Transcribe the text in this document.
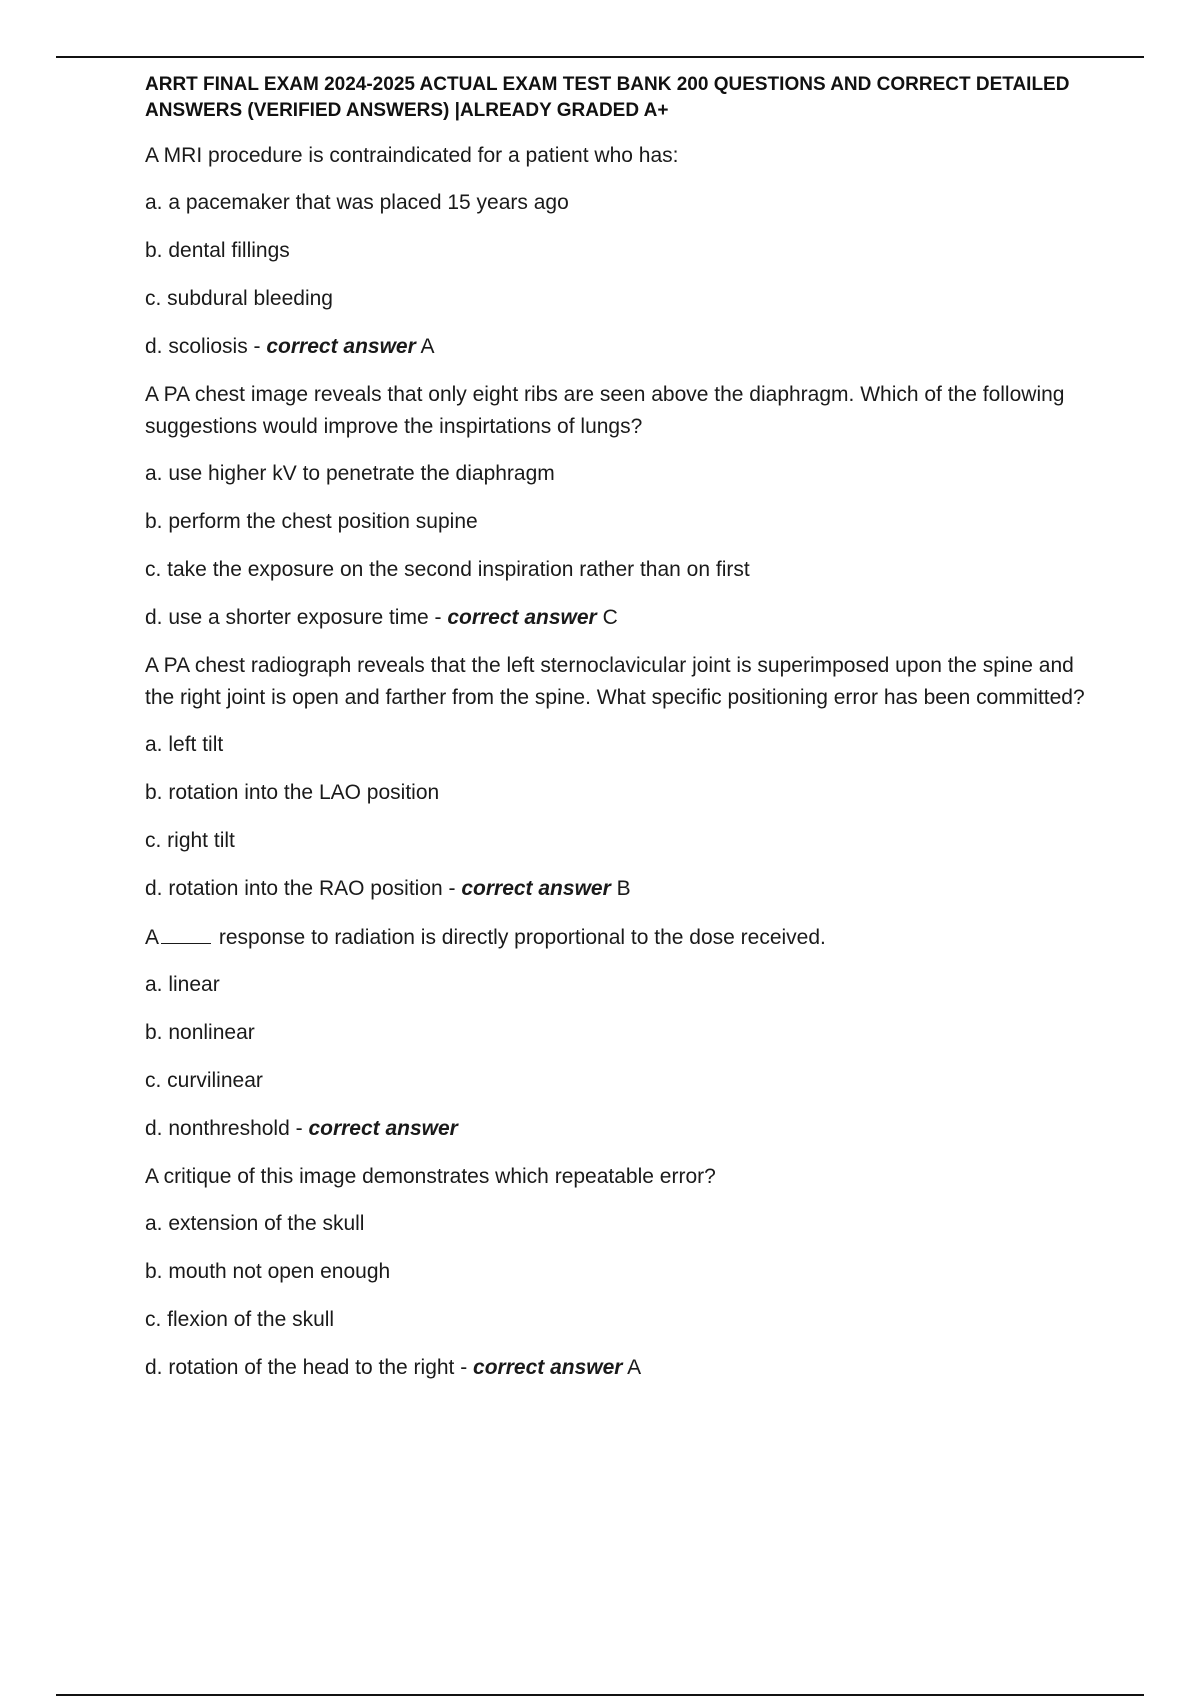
ARRT FINAL EXAM 2024-2025 ACTUAL EXAM TEST BANK 200 QUESTIONS AND CORRECT DETAILED ANSWERS (VERIFIED ANSWERS) |ALREADY GRADED A+

A MRI procedure is contraindicated for a patient who has:

a. a pacemaker that was placed 15 years ago

b. dental fillings

c. subdural bleeding

d. scoliosis - correct answer A

A PA chest image reveals that only eight ribs are seen above the diaphragm. Which of the following suggestions would improve the inspirtations of lungs?

a. use higher kV to penetrate the diaphragm

b. perform the chest position supine

c. take the exposure on the second inspiration rather than on first

d. use a shorter exposure time - correct answer C

A PA chest radiograph reveals that the left sternoclavicular joint is superimposed upon the spine and the right joint is open and farther from the spine. What specific positioning error has been committed?

a. left tilt

b. rotation into the LAO position

c. right tilt

d. rotation into the RAO position - correct answer B

A	response to radiation is directly proportional to the dose received.

a. linear

b. nonlinear

c. curvilinear

d. nonthreshold - correct answer

A critique of this image demonstrates which repeatable error?

a. extension of the skull

b. mouth not open enough

c. flexion of the skull

d. rotation of the head to the right - correct answer A
